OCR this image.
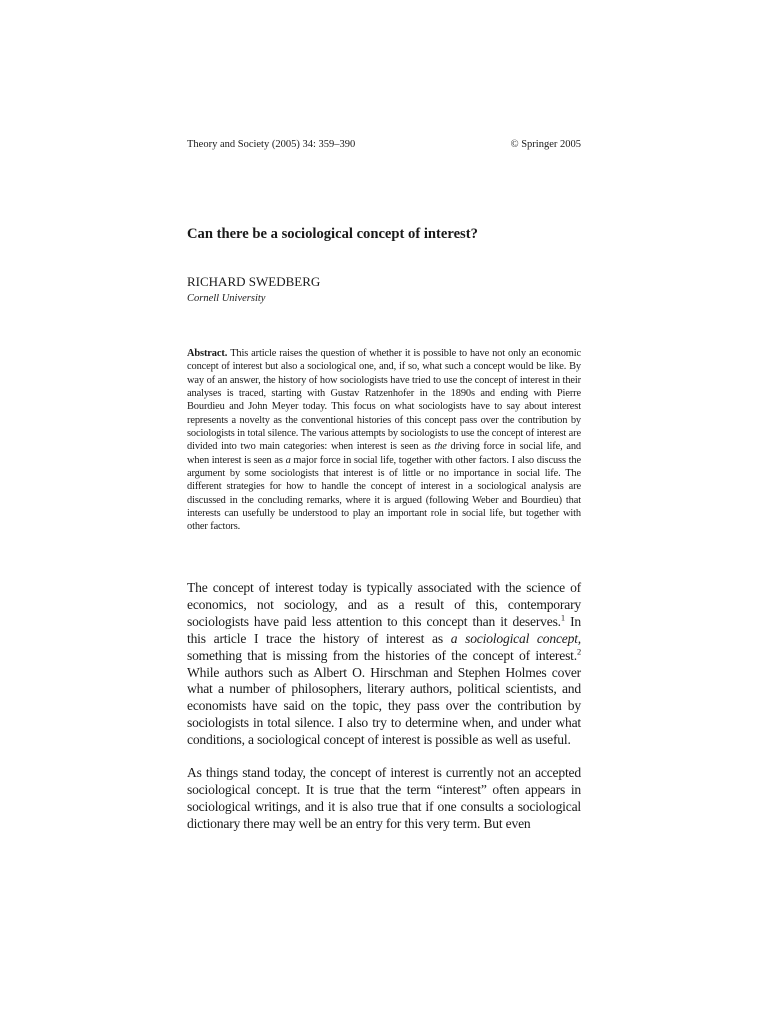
Theory and Society (2005) 34: 359–390	© Springer 2005
Can there be a sociological concept of interest?
RICHARD SWEDBERG
Cornell University

Abstract. This article raises the question of whether it is possible to have not only an economic concept of interest but also a sociological one, and, if so, what such a concept would be like. By way of an answer, the history of how sociologists have tried to use the concept of interest in their analyses is traced, starting with Gustav Ratzenhofer in the 1890s and ending with Pierre Bourdieu and John Meyer today. This focus on what sociologists have to say about interest represents a novelty as the conventional histories of this concept pass over the contribution by sociologists in total silence. The various attempts by sociologists to use the concept of interest are divided into two main categories: when interest is seen as the driving force in social life, and when interest is seen as a major force in social life, together with other factors. I also discuss the argument by some sociologists that interest is of little or no importance in social life. The different strategies for how to handle the concept of interest in a sociological analysis are discussed in the concluding remarks, where it is argued (following Weber and Bourdieu) that interests can usefully be understood to play an important role in social life, but together with other factors.

The concept of interest today is typically associated with the science of economics, not sociology, and as a result of this, contemporary sociologists have paid less attention to this concept than it deserves.$^1$ In this article I trace the history of interest as a sociological concept, something that is missing from the histories of the concept of interest.$^2$ While authors such as Albert O. Hirschman and Stephen Holmes cover what a number of philosophers, literary authors, political scientists, and economists have said on the topic, they pass over the contribution by sociologists in total silence. I also try to determine when, and under what conditions, a sociological concept of interest is possible as well as useful.

As things stand today, the concept of interest is currently not an accepted sociological concept. It is true that the term “interest” often appears in sociological writings, and it is also true that if one consults a sociological dictionary there may well be an entry for this very term. But even
